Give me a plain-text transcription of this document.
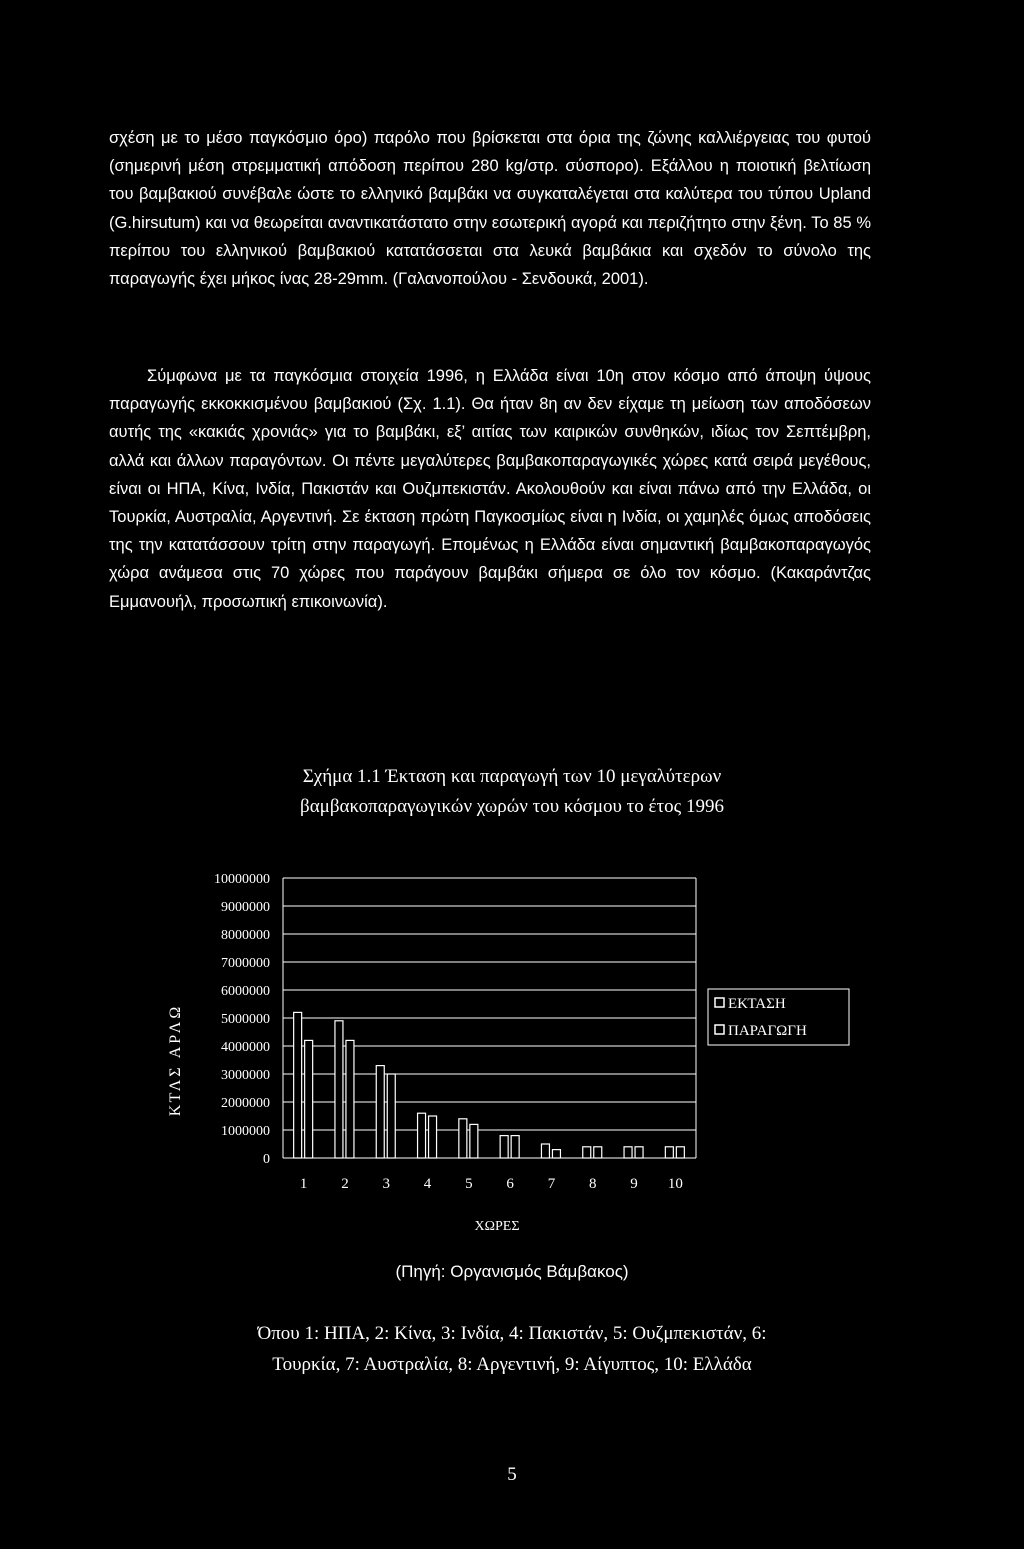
σχέση με το μέσο παγκόσμιο όρο) παρόλο που βρίσκεται στα όρια της ζώνης καλλιέργειας του φυτού (σημερινή μέση στρεμματική απόδοση περίπου 280 kg/στρ. σύσπορο). Εξάλλου η ποιοτική βελτίωση του βαμβακιού συνέβαλε ώστε το ελληνικό βαμβάκι να συγκαταλέγεται στα καλύτερα του τύπου Upland (G.hirsutum) και να θεωρείται αναντικατάστατο στην εσωτερική αγορά και περιζήτητο στην ξένη. Το 85 % περίπου του ελληνικού βαμβακιού κατατάσσεται στα λευκά βαμβάκια και σχεδόν το σύνολο της παραγωγής έχει μήκος ίνας 28-29mm. (Γαλανοπούλου - Σενδουκά, 2001).

Σύμφωνα με τα παγκόσμια στοιχεία 1996, η Ελλάδα είναι 10η στον κόσμο από άποψη ύψους παραγωγής εκκοκκισμένου βαμβακιού (Σχ. 1.1). Θα ήταν 8η αν δεν είχαμε τη μείωση των αποδόσεων αυτής της «κακιάς χρονιάς» για το βαμβάκι, εξ’ αιτίας των καιρικών συνθηκών, ιδίως τον Σεπτέμβρη, αλλά και άλλων παραγόντων. Οι πέντε μεγαλύτερες βαμβακοπαραγωγικές χώρες κατά σειρά μεγέθους, είναι οι ΗΠΑ, Κίνα, Ινδία, Πακιστάν και Ουζμπεκιστάν. Ακολουθούν και είναι πάνω από την Ελλάδα, οι Τουρκία, Αυστραλία, Αργεντινή. Σε έκταση πρώτη Παγκοσμίως είναι η Ινδία, οι χαμηλές όμως αποδόσεις της την κατατάσσουν τρίτη στην παραγωγή. Επομένως η Ελλάδα είναι σημαντική βαμβακοπαραγωγός χώρα ανάμεσα στις 70 χώρες που παράγουν βαμβάκι σήμερα σε όλο τον κόσμο. (Κακαράντζας Εμμανουήλ, προσωπική επικοινωνία).

Σχήμα 1.1 Έκταση και παραγωγή των 10 μεγαλύτερων
βαμβακοπαραγωγικών χωρών του κόσμου το έτος 1996
0
1000000
2000000
3000000
4000000
5000000
6000000
7000000
8000000
9000000
10000000
1 2 3 4 5 6 7 8 9 10
ΧΩΡΕΣ
ΚΤΛΣ ΑΡΛΩ	ΕΚΤΑΣΗ
ΠΑΡΑΓΩΓΗ
(Πηγή: Οργανισμός Βάμβακος)
Όπου 1: ΗΠΑ, 2: Κίνα, 3: Ινδία, 4: Πακιστάν, 5: Ουζμπεκιστάν, 6:
Τουρκία, 7: Αυστραλία, 8: Αργεντινή, 9: Αίγυπτος, 10: Ελλάδα
5
